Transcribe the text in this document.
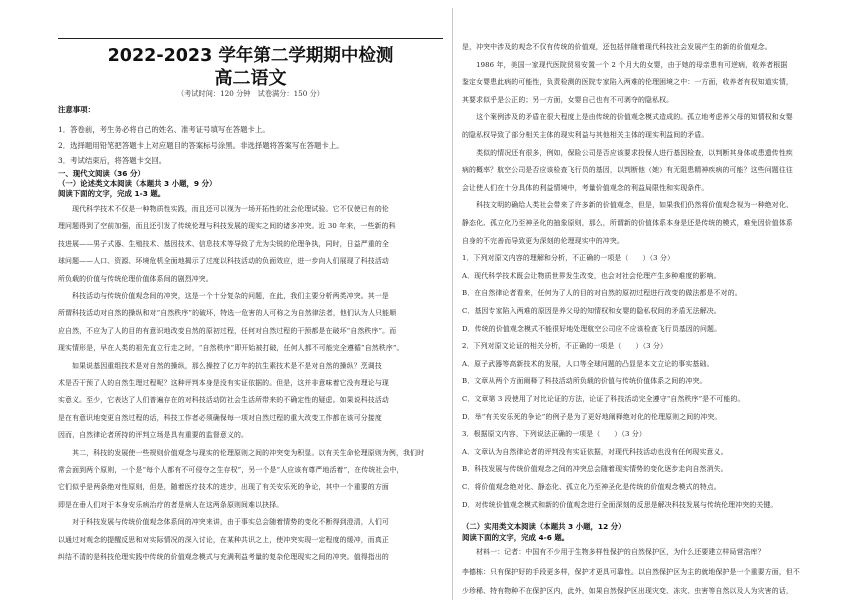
2022-2023 学年第二学期期中检测
高二语文
（考试时间：120 分钟　试卷满分：150 分）
注意事项：
1．答卷前，考生务必将自己的姓名、准考证号填写在答题卡上。
2．选择题用铅笔把答题卡上对应题目的答案标号涂黑。非选择题将答案写在答题卡上。
3．考试结束后，将答题卡交回。
一、现代文阅读（36 分）
（一）论述类文本阅读（本题共 3 小题，9 分）
阅读下面的文字，完成 1-3 题。
　　现代科学技术不仅是一种物质性实践，而且还可以视为一场开拓性的社会伦理试验。它不仅使已有的伦
理问题得到了空前加强，而且还引发了传统伦理与科技发展的现实之间的诸多冲突。近 30 年来，一些新的科
技进展——男子式器、生殖技术、基因技术、信息技术等导致了尤为尖锐的伦理争执，同时，日益严重的全
球问题——人口、资源、环境危机全面地揭示了过度以科技活动的负面效应，进一步向人们展现了科技活动
所负载的价值与传统伦理价值体系间的剧烈冲突。
　　科技活动与传统价值观念间的冲突，这是一个十分复杂的问题，在此，我们主要分析两类冲突。其一是
所谓科技活动对自然的操纵和对“自然秩序”的破坏，特选一危害的人可称之为自然律法者，他们认为人只能顺
应自然，不应为了人的目的有意识地改变自然的原初过程，任何对自然过程的干预都是在破坏“自然秩序”。而
现实情形是，早在人类的祖先直立行走之时，“自然秩序”即开始被打破，任何人都不可能完全遵循“自然秩序”。
　　如果说基因重组技术是对自然的操纵，那么操控了亿万年的抗生素技术是不是对自然的操纵？烹调技
术是否干预了人的自然生理过程呢？这种评判本身是没有实证依据的。但是，这并非意味着它没有理论与现
实意义。至少，它表达了人们普遍存在的对科技活动防社会生活所带来的不确定性的疑虑。如果说科技活动
是在有意识地变更自然过程的话，科技工作者必须确保每一项对自然过程的重大改变工作都在该可分接度
因而，自然律论者所持的评判立场是具有重要的监督意义的。
　　其二，科技的发展使一些规则价值观念与现实的伦理原则之间的冲突变为积显。以有关生命伦理原则为例，我们时
常会面到两个原则，一个是“每个人都有不可侵夺之生存权”，另一个是“人应该有尊严地活着”，在传统社会中，
它们似乎是两条绝对性原则，但是，随着医疗技术的进步，出现了有关安乐死的争论，其中一个重要的方面
即是在垂人们对于本身安乐病治疗的者是病人在这两条原则间难以抉择。
　　对于科技发展与传统价值观念体系间的冲突来讲，由于事实总会随着情势的变化不断得到澄清，人们可
以通过对观念的提醒反思和对实际情况的深入讨论，在某种共识之上，使冲突实现一定程度的缓冲，而真正
纠结不清的是科技伦理实践中传统的价值观念模式与充满利益考量的复杂伦理现实之间的冲突。值得指出的
是，冲突中涉及的观念不仅有传统的价值观，还包括伴随着现代科技社会发展产生的新的价值观念。
　　1986 年，美国一家现代医院贸易安置一个 2 个月大的女婴，由于她的母亲患有可逆病，收养者根据
鉴定女婴患此病的可能性，负责检测的医院专家陷入两难的伦理困境之中：一方面，收养者有权知道实情，
其要求似乎是公正的；另一方面，女婴自己也有不可剥夺的隐私权。
　　这个案例涉及的矛盾在很大程度上是由传统的价值观念模式造成的。孤立地考虑养父母的知情权和女婴
的隐私权导致了部分相关主体的现实利益与其他相关主体的现实利益间的矛盾。
　　类似的情况还有很多，例如，保险公司是否应该要求投保人进行基因检查，以判断其身体或患遗传性疾
病的概率？航空公司是否应该检查飞行员的基因，以判断他（她）有无阻患精神疾病的可能？这些问题往往
会让使人们在十分具体的利益情境中，考量价值观念的利益局限性和实现条件。
　　科技文明的确给人类社会带来了许多新的价值观念，但是，如果我们仍然将价值观念视为一种绝对化、
静态化、孤立化乃至神圣化的抽象原则，那么，所谓新的价值体系本身是还是传统的模式，难免因价值体系
自身的不完善而导致更为深刻的伦理现实中的冲突。
1．下列对原文内容的理解和分析，不正确的一项是（　　）（3 分）
A．现代科学技术既会让物质世界发生改变，也会对社会伦理产生多种难度的影响。
B．在自然律论者看来，任何为了人的目的对自然的原初过程进行改变的做法都是不对的。
C．基因专家陷入两难的原因是养父母的知情权和女婴的隐私权间的矛盾无法解决。
D．传统的价值观念模式不能很好地处理航空公司应不应该检查飞行员基因的问题。
2．下列对原文论证的相关分析，不正确的一项是（　　）（3 分）
A．原子武器等高新技术的发展，人口等全球问题的凸显是本文立论的事实基础。
B．文章从两个方面阐释了科技活动所负载的价值与传统价值体系之间的冲突。
C．文章第 3 段使用了对比论证的方法，论证了科技活动完全遵守“自然秩序”是不可能的。
D．举“有关安乐死的争论”的例子是为了更好地阐释绝对化的伦理原则之间的冲突。
3．根据原文内容，下列说法正确的一项是（　　）（3 分）
A．文章认为自然律论者的评判没有实证依据，对现代科技活动也没有任何现实意义。
B．科技发展与传统价值观念之间的冲突总会随着现实情势的变化逐步走向自然消失。
C．将价值观念绝对化、静态化、孤立化乃至神圣化是传统的价值观念模式的特点。
D．对传统价值观念模式和新的价值观念进行全面深刻的反思是解决科技发展与传统伦理冲突的关键。
（二）实用类文本阅读（本题共 3 小题，12 分）
阅读下面的文字，完成 4-6 题。
　　材料一：记者：中国有不少用于生物多样性保护的自然保护区，为什么还要建立样局营浩库？
李德栋：只有保护好的手段更多样，保护才更具可靠性。以自然保护区为主的就地保护是一个重要方面，但不
少珍稀、特有物种不在保护区内，此外，如果自然保护区出现灾变、冻灾、虫害等自然以及人为灾害的话，
